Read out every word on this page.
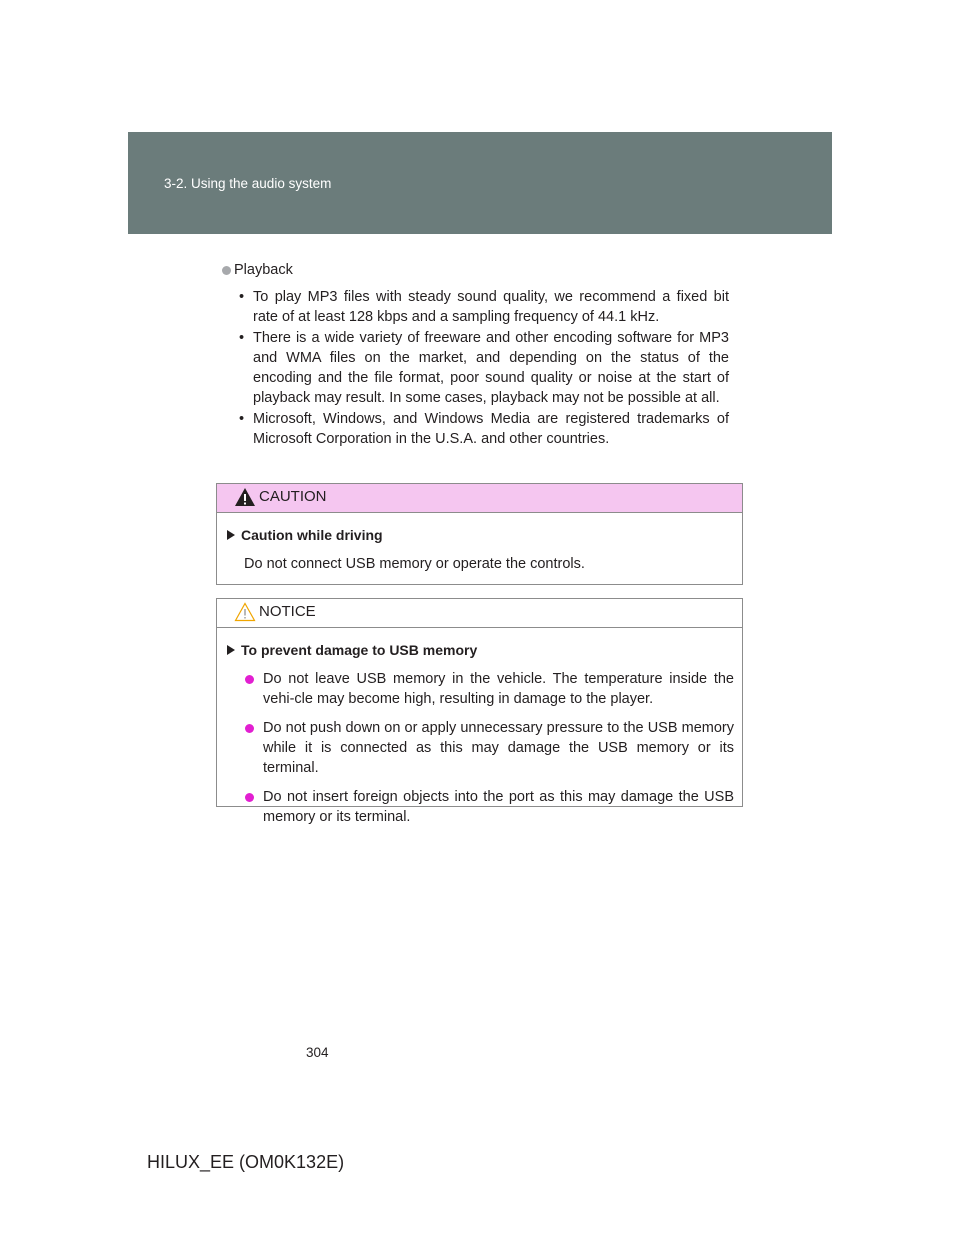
3-2. Using the audio system
Playback
• To play MP3 files with steady sound quality, we recommend a fixed bit rate of at least 128 kbps and a sampling frequency of 44.1 kHz.
• There is a wide variety of freeware and other encoding software for MP3 and WMA files on the market, and depending on the status of the encoding and the file format, poor sound quality or noise at the start of playback may result. In some cases, playback may not be possible at all.
• Microsoft, Windows, and Windows Media are registered trademarks of Microsoft Corporation in the U.S.A. and other countries.
CAUTION
Caution while driving
Do not connect USB memory or operate the controls.
NOTICE
To prevent damage to USB memory
Do not leave USB memory in the vehicle. The temperature inside the vehi-cle may become high, resulting in damage to the player.
Do not push down on or apply unnecessary pressure to the USB memory while it is connected as this may damage the USB memory or its terminal.
Do not insert foreign objects into the port as this may damage the USB memory or its terminal.
304
HILUX_EE (OM0K132E)
